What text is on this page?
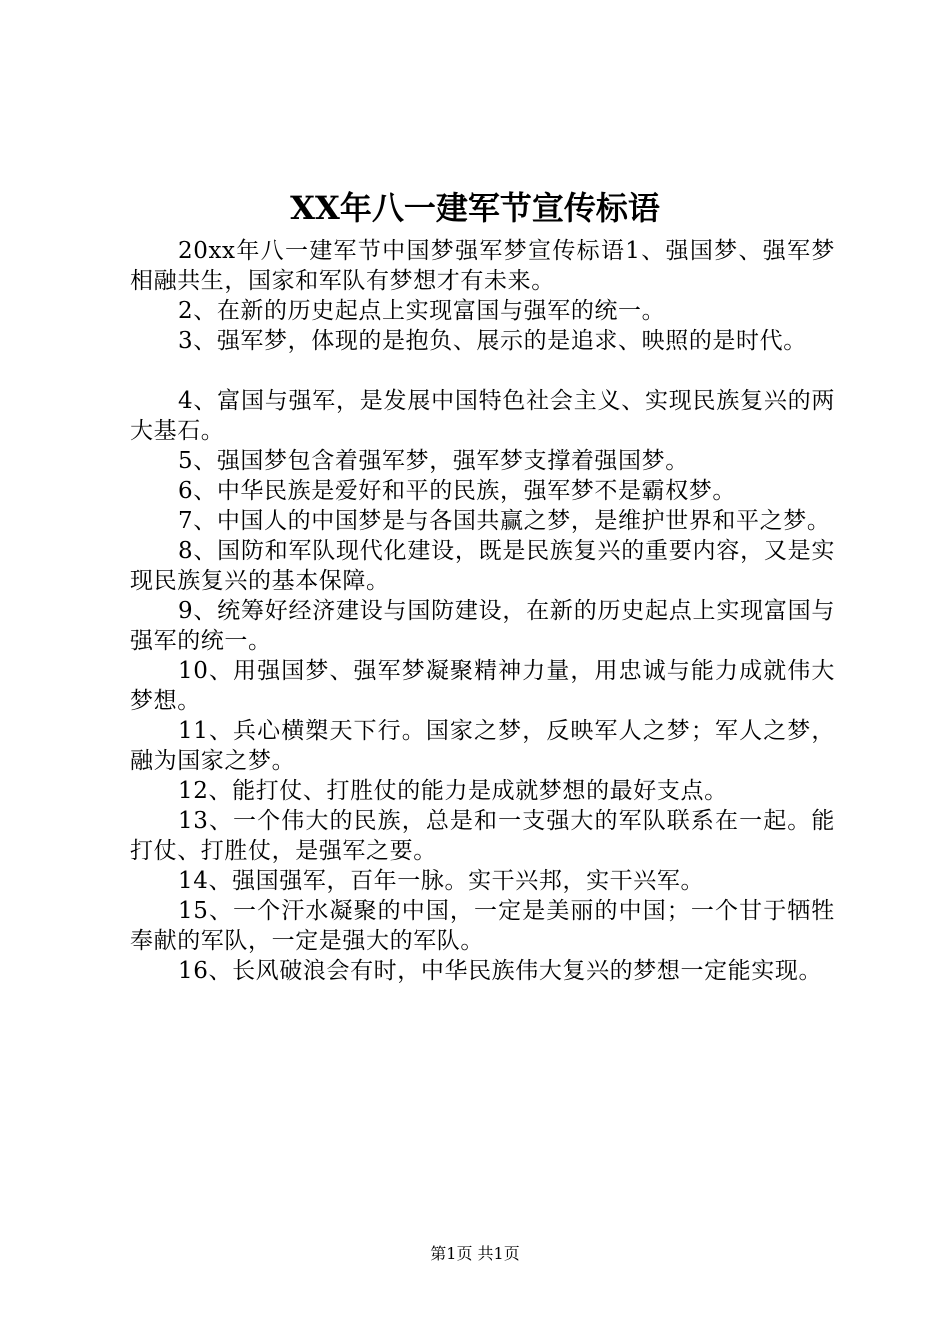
XX年八一建军节宣传标语

20xx年八一建军节中国梦强军梦宣传标语1、强国梦、强军梦相融共生，国家和军队有梦想才有未来。

2、在新的历史起点上实现富国与强军的统一。

3、强军梦，体现的是抱负、展示的是追求、映照的是时代。

4、富国与强军，是发展中国特色社会主义、实现民族复兴的两大基石。

5、强国梦包含着强军梦，强军梦支撑着强国梦。

6、中华民族是爱好和平的民族，强军梦不是霸权梦。

7、中国人的中国梦是与各国共赢之梦，是维护世界和平之梦。

8、国防和军队现代化建设，既是民族复兴的重要内容，又是实现民族复兴的基本保障。

9、统筹好经济建设与国防建设，在新的历史起点上实现富国与强军的统一。

10、用强国梦、强军梦凝聚精神力量，用忠诚与能力成就伟大梦想。

11、兵心横槊天下行。国家之梦，反映军人之梦；军人之梦，融为国家之梦。

12、能打仗、打胜仗的能力是成就梦想的最好支点。

13、一个伟大的民族，总是和一支强大的军队联系在一起。能打仗、打胜仗，是强军之要。

14、强国强军，百年一脉。实干兴邦，实干兴军。

15、一个汗水凝聚的中国，一定是美丽的中国；一个甘于牺牲奉献的军队，一定是强大的军队。

16、长风破浪会有时，中华民族伟大复兴的梦想一定能实现。

第1页 共1页
